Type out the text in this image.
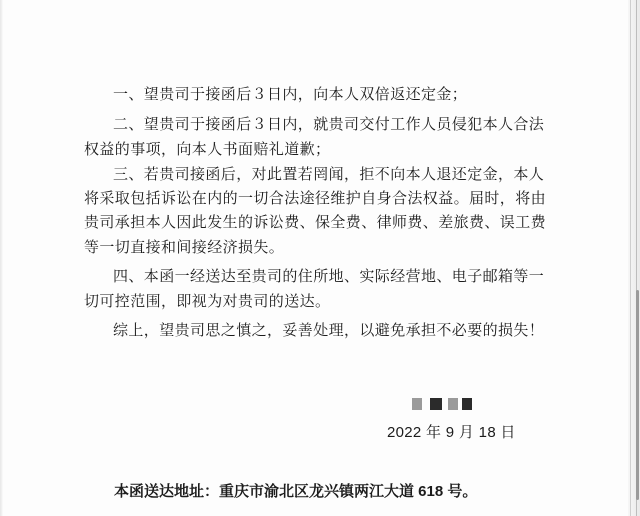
一、望贵司于接函后３日内，向本人双倍返还定金；
二、望贵司于接函后３日内，就贵司交付工作人员侵犯本人合法
权益的事项，向本人书面赔礼道歉；
三、若贵司接函后，对此置若罔闻，拒不向本人退还定金，本人
将采取包括诉讼在内的一切合法途径维护自身合法权益。届时，将由
贵司承担本人因此发生的诉讼费、保全费、律师费、差旅费、误工费
等一切直接和间接经济损失。
四、本函一经送达至贵司的住所地、实际经营地、电子邮箱等一
切可控范围，即视为对贵司的送达。
综上，望贵司思之慎之，妥善处理，以避免承担不必要的损失！
2022 年 9 月 18 日
本函送达地址：重庆市渝北区龙兴镇两江大道 618 号。
